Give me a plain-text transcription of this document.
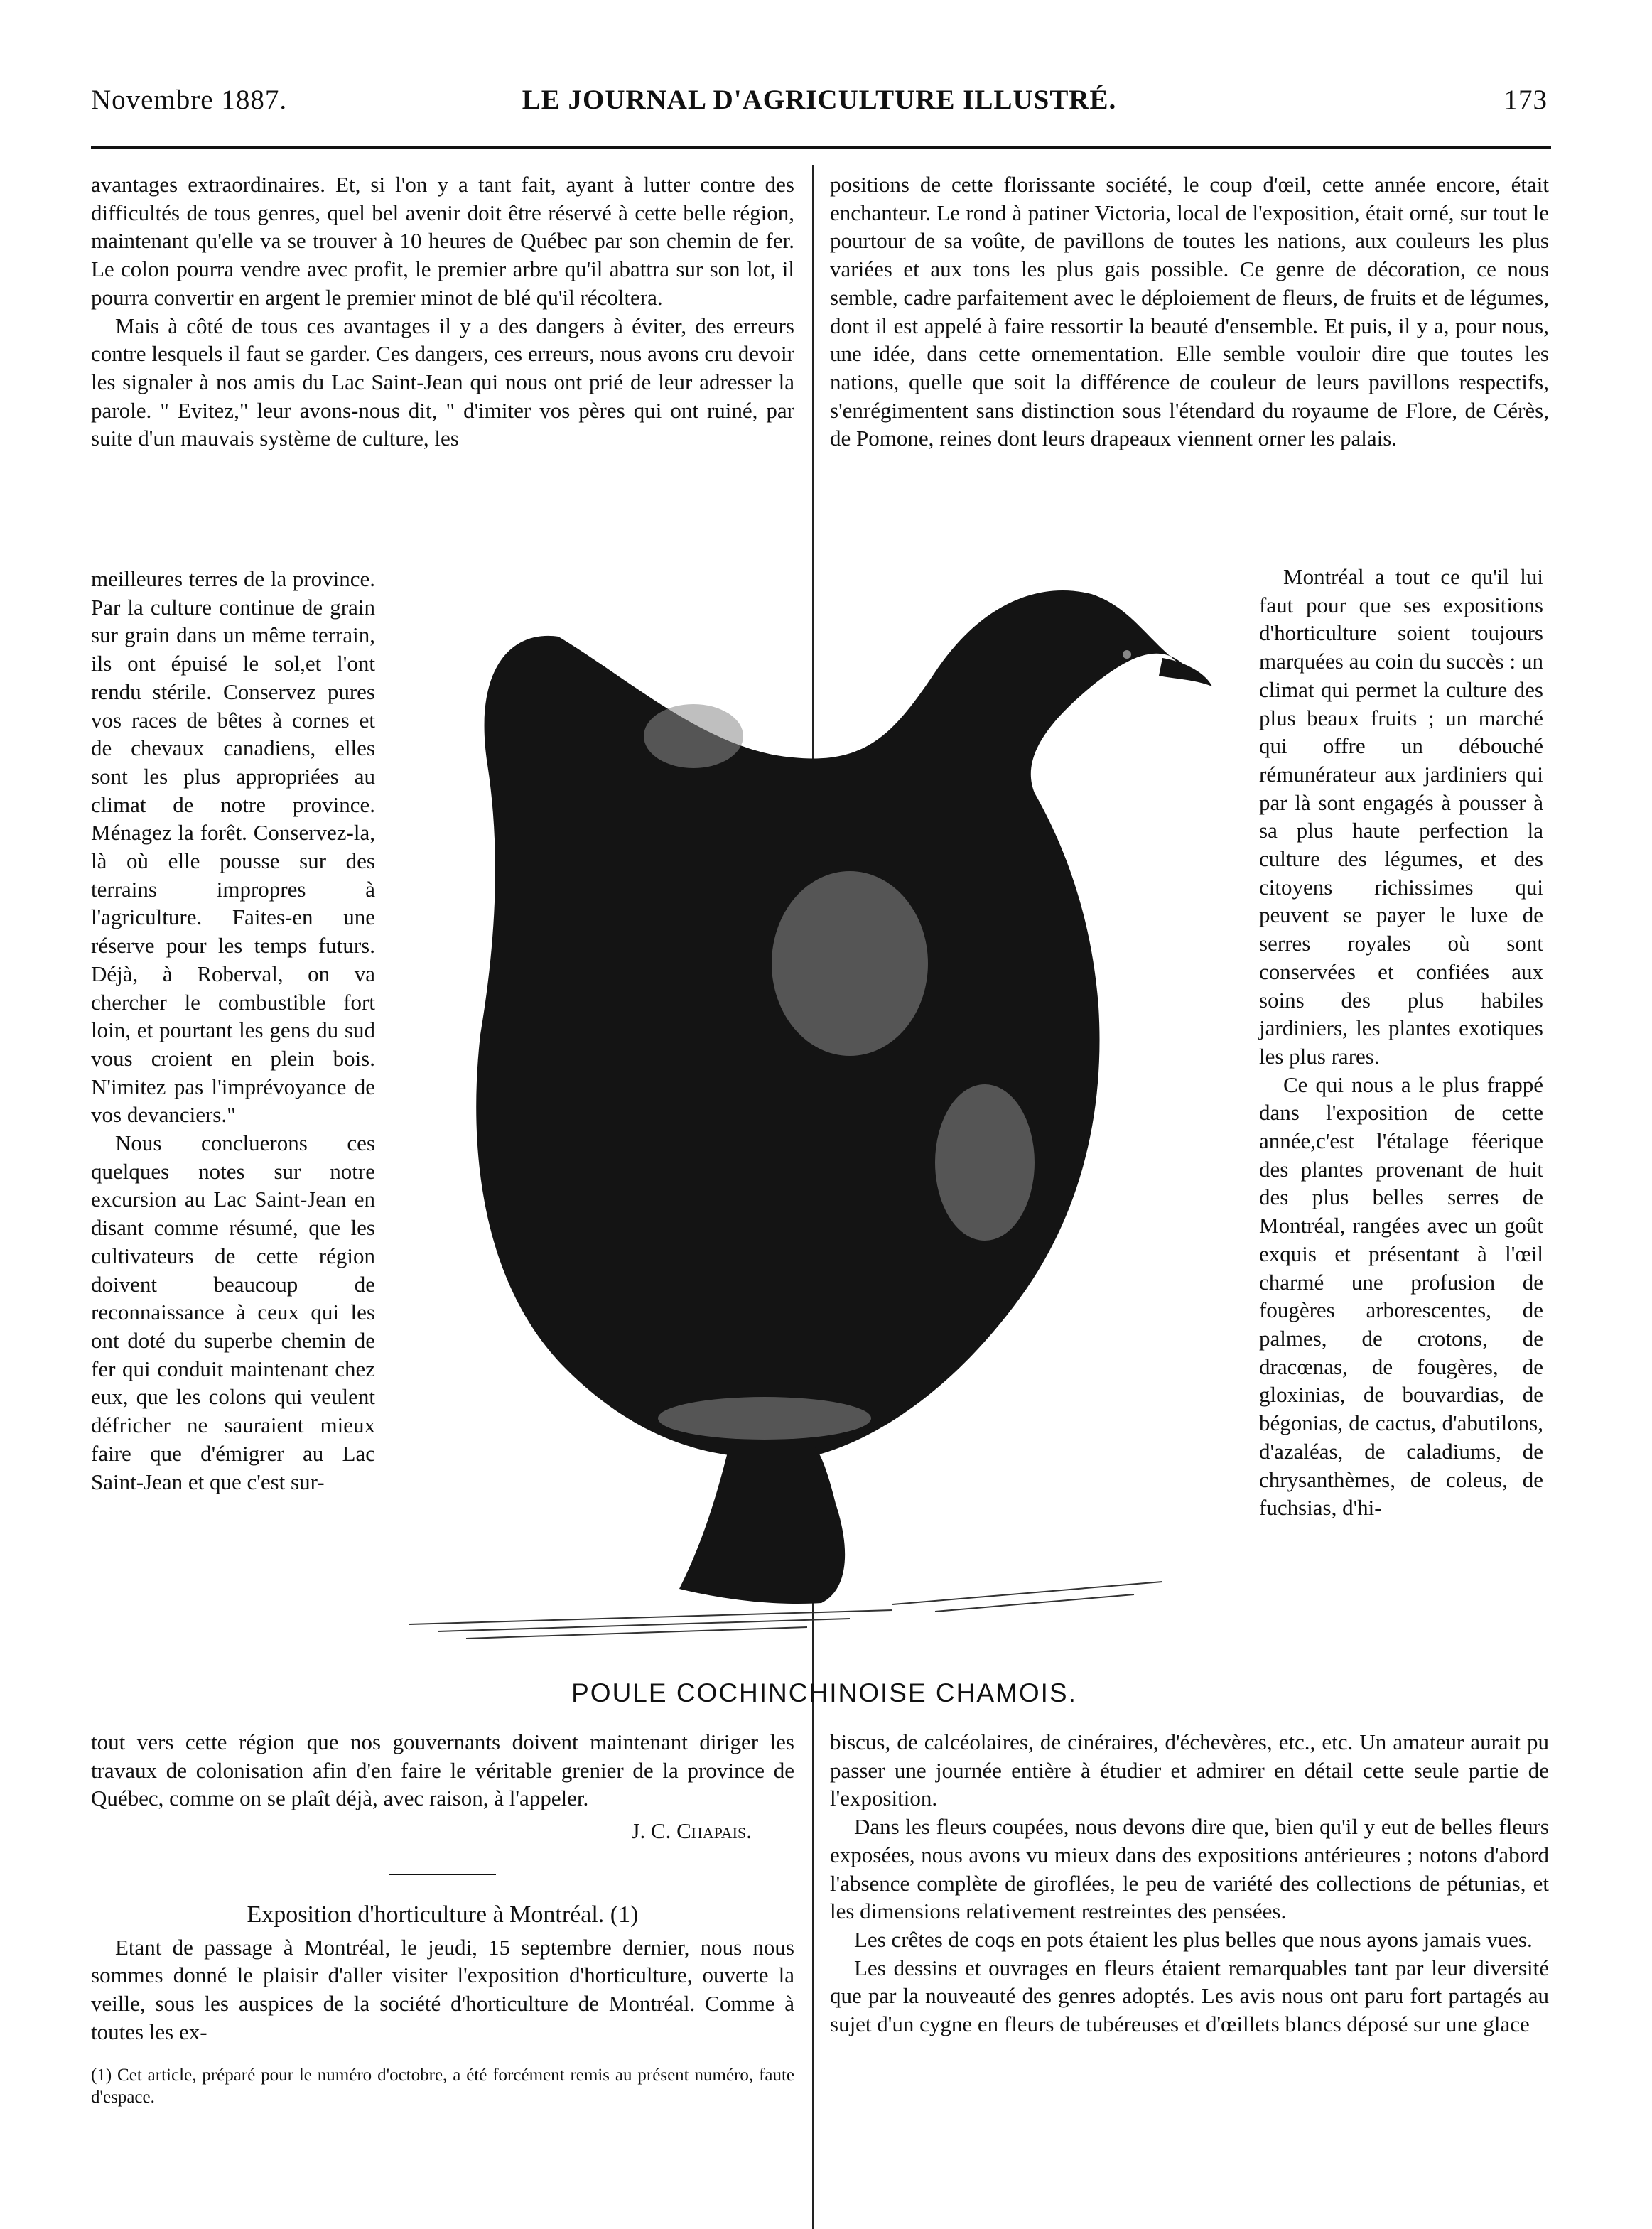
Novembre 1887.	LE JOURNAL D'AGRICULTURE ILLUSTRÉ.	173

avantages extraordinaires. Et, si l'on y a tant fait, ayant à lutter contre des difficultés de tous genres, quel bel avenir doit être réservé à cette belle région, maintenant qu'elle va se trouver à 10 heures de Québec par son chemin de fer. Le colon pourra vendre avec profit, le premier arbre qu'il abattra sur son lot, il pourra convertir en argent le premier minot de blé qu'il récoltera.

Mais à côté de tous ces avantages il y a des dangers à éviter, des erreurs contre lesquels il faut se garder. Ces dangers, ces erreurs, nous avons cru devoir les signaler à nos amis du Lac Saint-Jean qui nous ont prié de leur adresser la parole. " Evitez," leur avons-nous dit, " d'imiter vos pères qui ont ruiné, par suite d'un mauvais système de culture, les

meilleures terres de la province. Par la culture continue de grain sur grain dans un même terrain, ils ont épuisé le sol,et l'ont rendu stérile. Conservez pures vos races de bêtes à cornes et de chevaux canadiens, elles sont les plus appropriées au climat de notre province. Ménagez la forêt. Conservez-la, là où elle pousse sur des terrains impropres à l'agriculture. Faites-en une réserve pour les temps futurs. Déjà, à Roberval, on va chercher le combustible fort loin, et pourtant les gens du sud vous croient en plein bois. N'imitez pas l'imprévoyance de vos devanciers."

Nous concluerons ces quelques notes sur notre excursion au Lac Saint-Jean en disant comme résumé, que les cultivateurs de cette région doivent beaucoup de reconnaissance à ceux qui les ont doté du superbe chemin de fer qui conduit maintenant chez eux, que les colons qui veulent défricher ne sauraient mieux faire que d'émigrer au Lac Saint-Jean et que c'est sur-

tout vers cette région que nos gouvernants doivent maintenant diriger les travaux de colonisation afin d'en faire le véritable grenier de la province de Québec, comme on se plaît déjà, avec raison, à l'appeler.

J. C. Chapais.
Exposition d'horticulture à Montréal. (1)

Etant de passage à Montréal, le jeudi, 15 septembre dernier, nous nous sommes donné le plaisir d'aller visiter l'exposition d'horticulture, ouverte la veille, sous les auspices de la société d'horticulture de Montréal. Comme à toutes les ex-

(1) Cet article, préparé pour le numéro d'octobre, a été forcément remis au présent numéro, faute d'espace.

positions de cette florissante société, le coup d'œil, cette année encore, était enchanteur. Le rond à patiner Victoria, local de l'exposition, était orné, sur tout le pourtour de sa voûte, de pavillons de toutes les nations, aux couleurs les plus variées et aux tons les plus gais possible. Ce genre de décoration, ce nous semble, cadre parfaitement avec le déploiement de fleurs, de fruits et de légumes, dont il est appelé à faire ressortir la beauté d'ensemble. Et puis, il y a, pour nous, une idée, dans cette ornementation. Elle semble vouloir dire que toutes les nations, quelle que soit la différence de couleur de leurs pavillons respectifs, s'enrégimentent sans distinction sous l'étendard du royaume de Flore, de Cérès, de Pomone, reines dont leurs drapeaux viennent orner les palais.

Montréal a tout ce qu'il lui faut pour que ses expositions d'horticulture soient toujours marquées au coin du succès : un climat qui permet la culture des plus beaux fruits ; un marché qui offre un débouché rémunérateur aux jardiniers qui par là sont engagés à pousser à sa plus haute perfection la culture des légumes, et des citoyens richissimes qui peuvent se payer le luxe de serres royales où sont conservées et confiées aux soins des plus habiles jardiniers, les plantes exotiques les plus rares.

Ce qui nous a le plus frappé dans l'exposition de cette année,c'est l'étalage féerique des plantes provenant de huit des plus belles serres de Montréal, rangées avec un goût exquis et présentant à l'œil charmé une profusion de fougères arborescentes, de palmes, de crotons, de dracœnas, de fougères, de gloxinias, de bouvardias, de bégonias, de cactus, d'abutilons, d'azaléas, de caladiums, de chrysanthèmes, de coleus, de fuchsias, d'hi-

biscus, de calcéolaires, de cinéraires, d'échevères, etc., etc. Un amateur aurait pu passer une journée entière à étudier et admirer en détail cette seule partie de l'exposition.

Dans les fleurs coupées, nous devons dire que, bien qu'il y eut de belles fleurs exposées, nous avons vu mieux dans des expositions antérieures ; notons d'abord l'absence complète de giroflées, le peu de variété des collections de pétunias, et les dimensions relativement restreintes des pensées.

Les crêtes de coqs en pots étaient les plus belles que nous ayons jamais vues.

Les dessins et ouvrages en fleurs étaient remarquables tant par leur diversité que par la nouveauté des genres adoptés. Les avis nous ont paru fort partagés au sujet d'un cygne en fleurs de tubéreuses et d'œillets blancs déposé sur une glace

POULE COCHINCHINOISE CHAMOIS.
